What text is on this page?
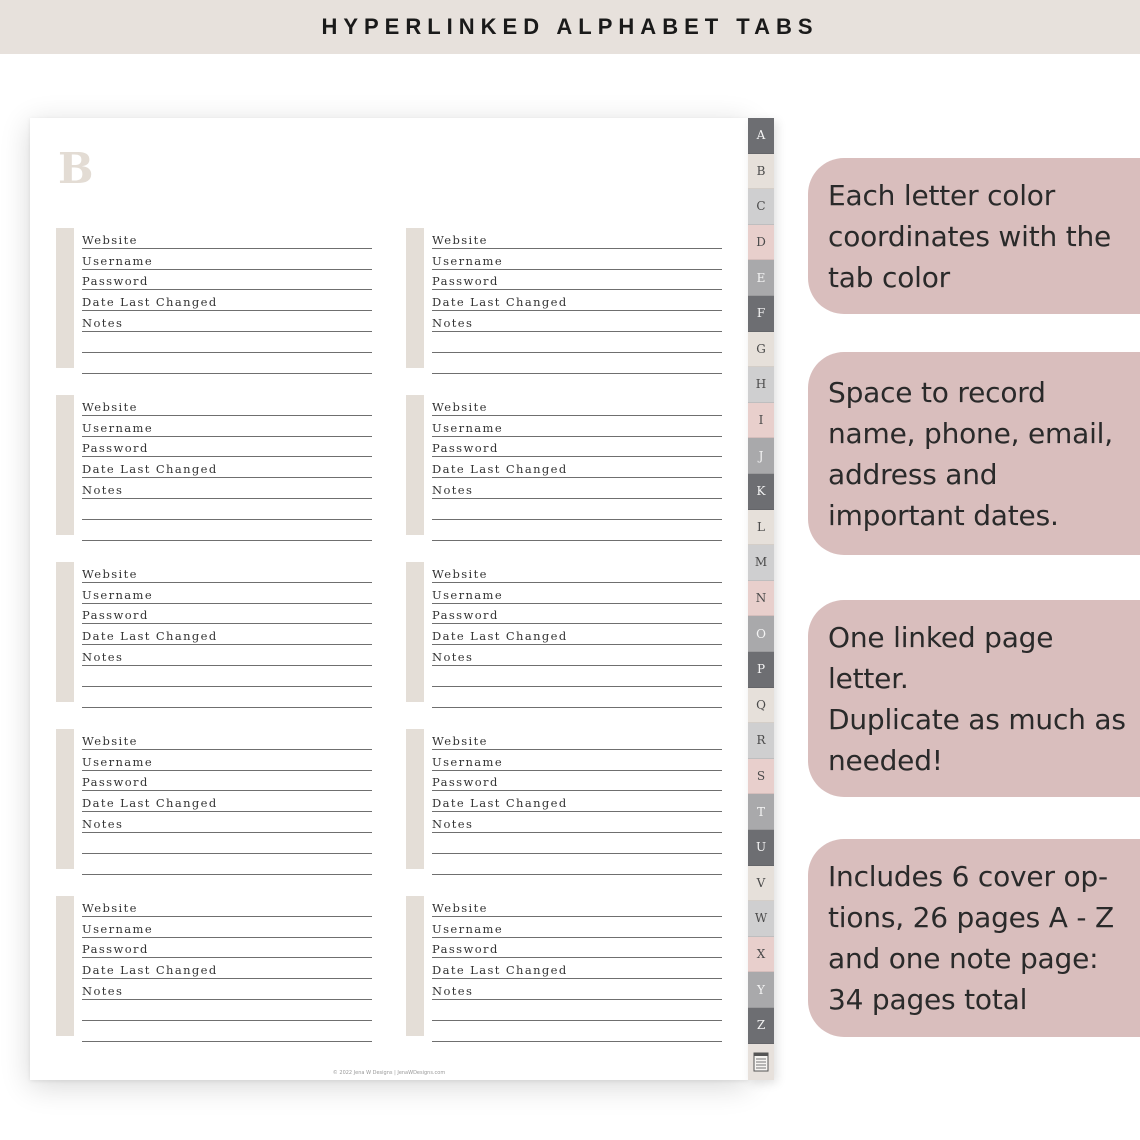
HYPERLINKED ALPHABET TABS
B
© 2022 Jena W Designs | JenaWDesigns.com
Website
Username
Password
Date Last Changed
Notes
Website
Username
Password
Date Last Changed
Notes
Website
Username
Password
Date Last Changed
Notes
Website
Username
Password
Date Last Changed
Notes
Website
Username
Password
Date Last Changed
Notes
Website
Username
Password
Date Last Changed
Notes
Website
Username
Password
Date Last Changed
Notes
Website
Username
Password
Date Last Changed
Notes
Website
Username
Password
Date Last Changed
Notes
Website
Username
Password
Date Last Changed
Notes
A
B
C
D
E
F
G
H
I
J
K
L
M
N
O
P
Q
R
S
T
U
V
W
X
Y
Z
Each letter color
coordinates with the
tab color
Space to record
name, phone, email,
address and
important dates.
One linked page
letter.
Duplicate as much as
needed!
Includes 6 cover op-
tions, 26 pages A - Z
and one note page:
34 pages total
